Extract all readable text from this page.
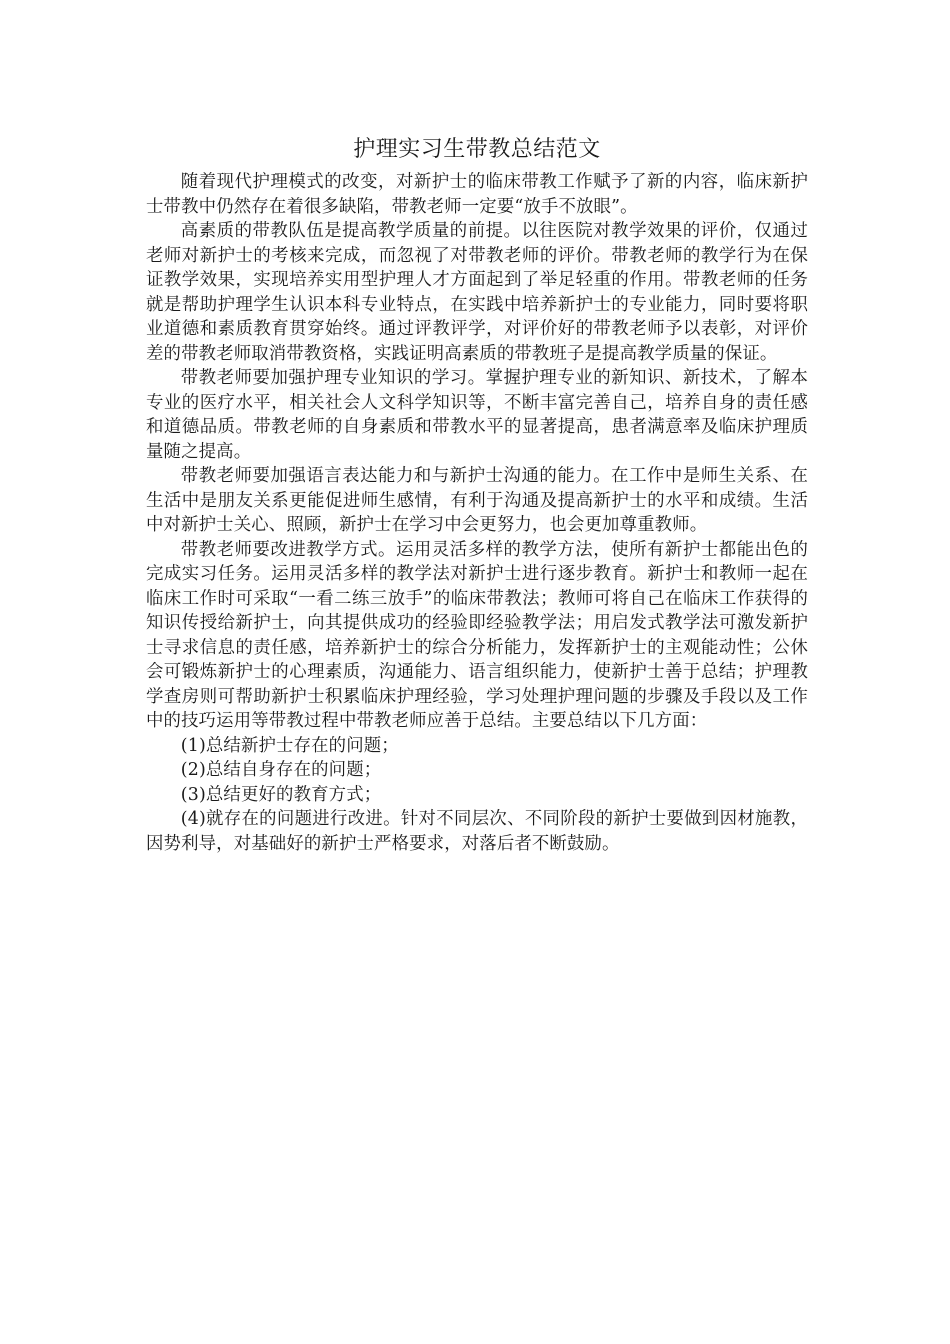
护理实习生带教总结范文

随着现代护理模式的改变，对新护士的临床带教工作赋予了新的内容，临床新护士带教中仍然存在着很多缺陷，带教老师一定要“放手不放眼”。

高素质的带教队伍是提高教学质量的前提。以往医院对教学效果的评价，仅通过老师对新护士的考核来完成，而忽视了对带教老师的评价。带教老师的教学行为在保证教学效果，实现培养实用型护理人才方面起到了举足轻重的作用。带教老师的任务就是帮助护理学生认识本科专业特点，在实践中培养新护士的专业能力，同时要将职业道德和素质教育贯穿始终。通过评教评学，对评价好的带教老师予以表彰，对评价差的带教老师取消带教资格，实践证明高素质的带教班子是提高教学质量的保证。

带教老师要加强护理专业知识的学习。掌握护理专业的新知识、新技术，了解本专业的医疗水平，相关社会人文科学知识等，不断丰富完善自己，培养自身的责任感和道德品质。带教老师的自身素质和带教水平的显著提高，患者满意率及临床护理质量随之提高。

带教老师要加强语言表达能力和与新护士沟通的能力。在工作中是师生关系、在生活中是朋友关系更能促进师生感情，有利于沟通及提高新护士的水平和成绩。生活中对新护士关心、照顾，新护士在学习中会更努力，也会更加尊重教师。

带教老师要改进教学方式。运用灵活多样的教学方法，使所有新护士都能出色的完成实习任务。运用灵活多样的教学法对新护士进行逐步教育。新护士和教师一起在临床工作时可采取“一看二练三放手”的临床带教法；教师可将自己在临床工作获得的知识传授给新护士，向其提供成功的经验即经验教学法；用启发式教学法可激发新护士寻求信息的责任感，培养新护士的综合分析能力，发挥新护士的主观能动性；公休会可锻炼新护士的心理素质，沟通能力、语言组织能力，使新护士善于总结；护理教学查房则可帮助新护士积累临床护理经验，学习处理护理问题的步骤及手段以及工作中的技巧运用等带教过程中带教老师应善于总结。主要总结以下几方面：

(1)总结新护士存在的问题；

(2)总结自身存在的问题；

(3)总结更好的教育方式；

(4)就存在的问题进行改进。针对不同层次、不同阶段的新护士要做到因材施教，因势利导，对基础好的新护士严格要求，对落后者不断鼓励。
